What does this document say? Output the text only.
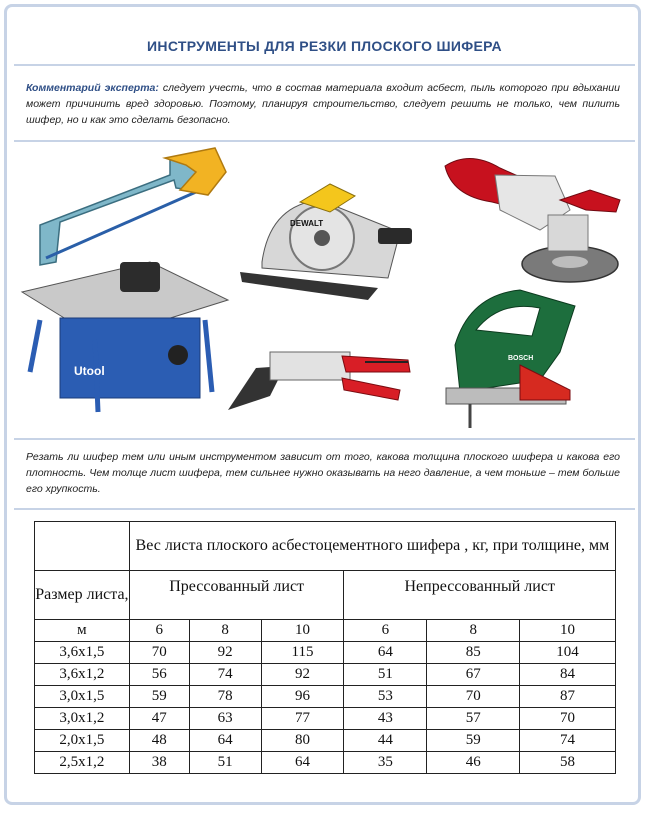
ИНСТРУМЕНТЫ ДЛЯ РЕЗКИ ПЛОСКОГО ШИФЕРА
Комментарий эксперта: следует учесть, что в состав материала входит асбест, пыль которого при вдыхании может причинить вред здоровью. Поэтому, планируя строительство, следует решить не только, чем пилить шифер, но и как это сделать безопасно.
Utool
DEWALT
BOSCH
Резать ли шифер тем или иным инструментом зависит от того, какова толщина плоского шифера и какова его плотность. Чем толще лист шифера, тем сильнее нужно оказывать на него давление, а чем тоньше – тем больше его хрупкость.
	Вес листа плоского асбестоцементного шифера , кг, при толщине, мм					
Размер листа,	Прессованный лист			Непрессованный лист		
м	6	8	10	6	8	10
3,6х1,5	70	92	115	64	85	104
3,6х1,2	56	74	92	51	67	84
3,0х1,5	59	78	96	53	70	87
3,0х1,2	47	63	77	43	57	70
2,0х1,5	48	64	80	44	59	74
2,5х1,2	38	51	64	35	46	58
